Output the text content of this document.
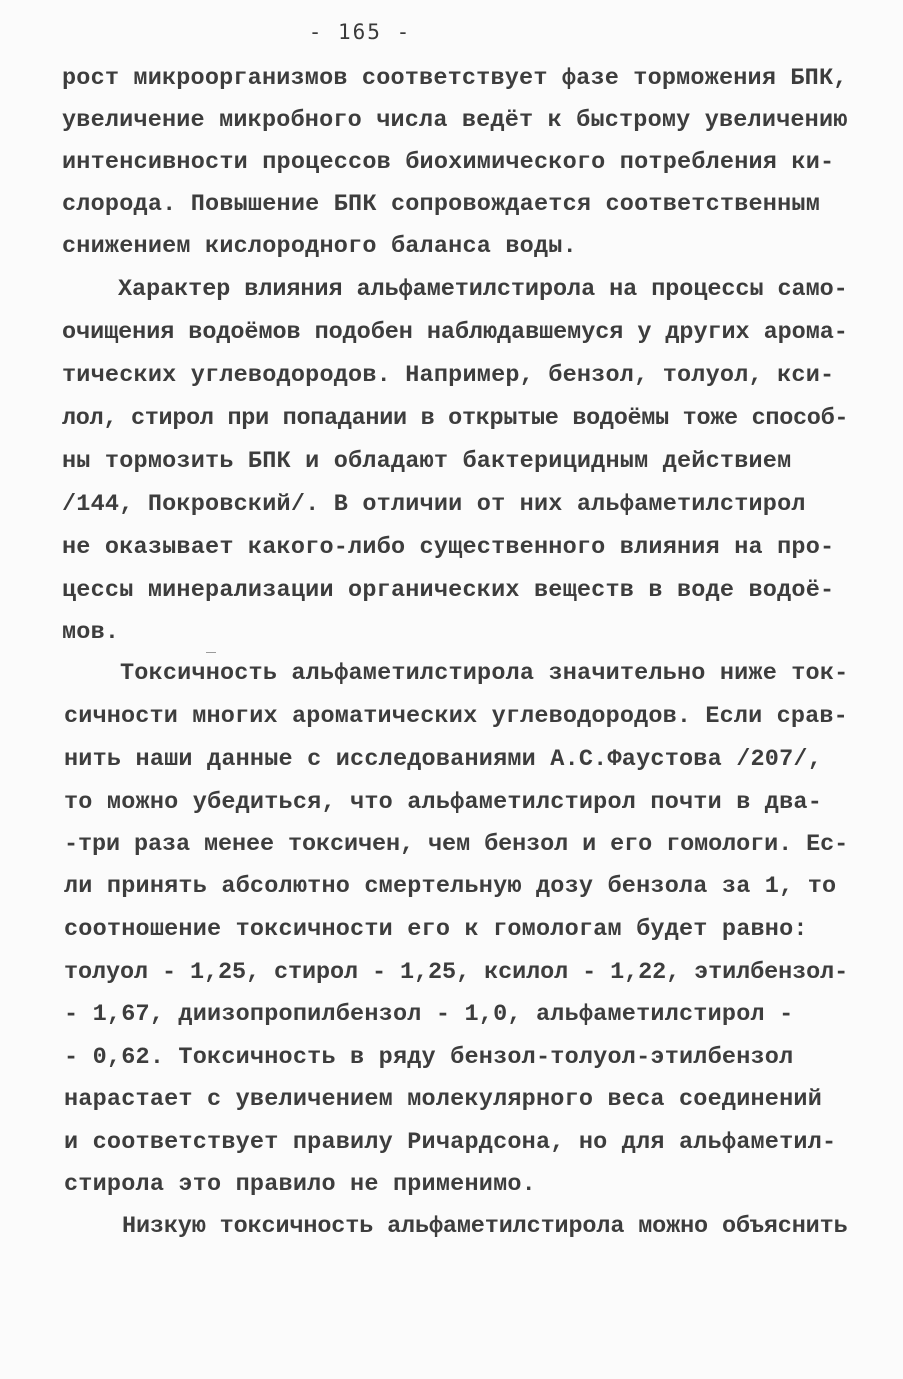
- 165 -
рост микроорганизмов соответствует фазе торможения БПК,
увеличение микробного числа ведёт к быстрому увеличению
интенсивности процессов биохимического потребления ки-
слорода. Повышение БПК сопровождается соответственным
снижением кислородного баланса воды.
Характер влияния альфаметилстирола на процессы само-
очищения водоёмов подобен наблюдавшемуся у других арома-
тических углеводородов. Например, бензол, толуол, кси-
лол, стирол при попадании в открытые водоёмы тоже способ-
ны тормозить БПК и обладают бактерицидным действием
/144, Покровский/. В отличии от них альфаметилстирол
не оказывает какого-либо существенного влияния на про-
цессы минерализации органических веществ в воде водоё-
мов.
Токсичность альфаметилстирола значительно ниже ток-
сичности многих ароматических углеводородов. Если срав-
нить наши данные с исследованиями А.С.Фаустова /207/,
то можно убедиться, что альфаметилстирол почти в два-
-три раза менее токсичен, чем бензол и его гомологи. Ес-
ли принять абсолютно смертельную дозу бензола за 1, то
соотношение токсичности его к гомологам будет равно:
толуол - 1,25, стирол - 1,25, ксилол - 1,22, этилбензол-
- 1,67, диизопропилбензол - 1,0, альфаметилстирол -
- 0,62. Токсичность в ряду бензол-толуол-этилбензол
нарастает с увеличением молекулярного веса соединений
и соответствует правилу Ричардсона, но для альфаметил-
стирола это правило не применимо.
Низкую токсичность альфаметилстирола можно объяснить
